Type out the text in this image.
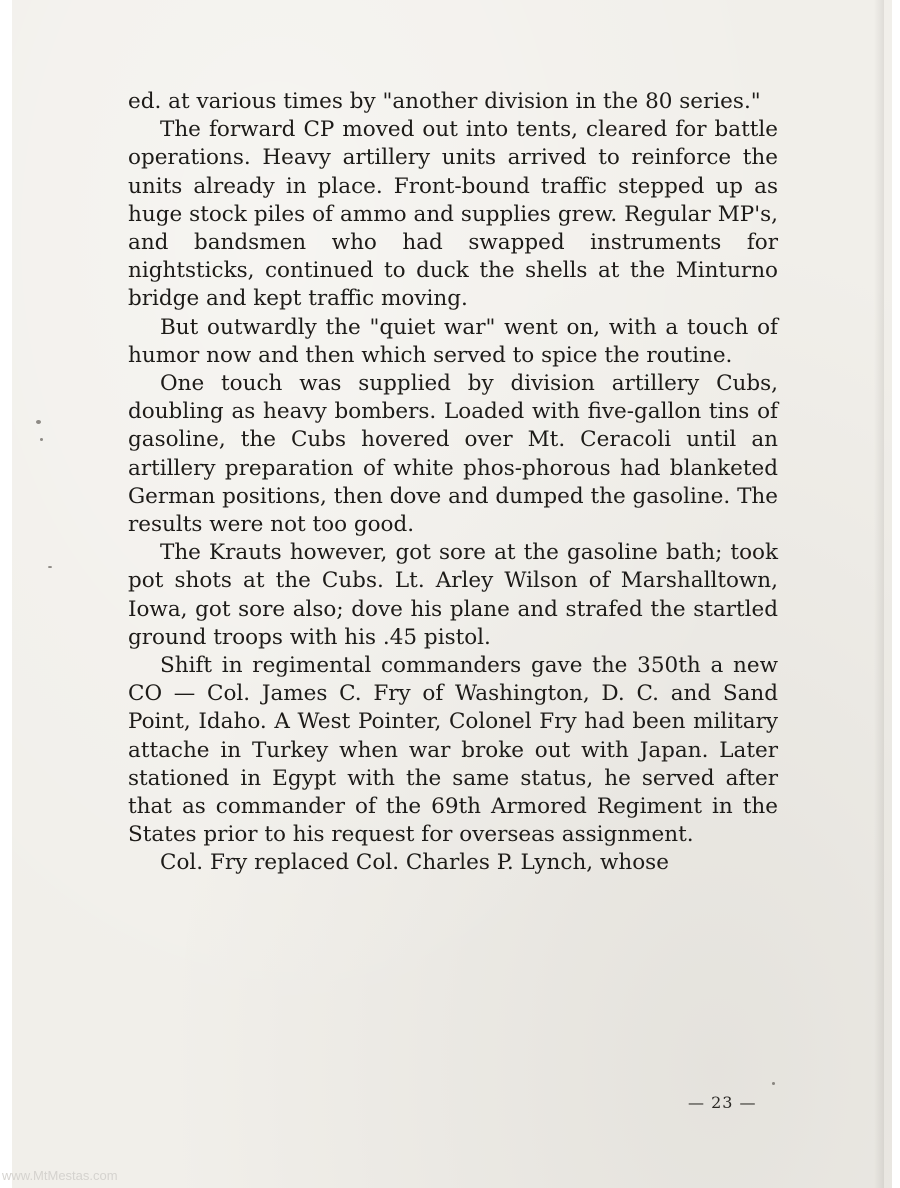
ed. at various times by "another division in the 80 series."

The forward CP moved out into tents, cleared for battle operations. Heavy artillery units arrived to reinforce the units already in place. Front-bound traffic stepped up as huge stock piles of ammo and supplies grew. Regular MP's, and bandsmen who had swapped instruments for nightsticks, continued to duck the shells at the Minturno bridge and kept traffic moving.

But outwardly the "quiet war" went on, with a touch of humor now and then which served to spice the routine.

One touch was supplied by division artillery Cubs, doubling as heavy bombers. Loaded with five-gallon tins of gasoline, the Cubs hovered over Mt. Ceracoli until an artillery preparation of white phos-phorous had blanketed German positions, then dove and dumped the gasoline. The results were not too good.

The Krauts however, got sore at the gasoline bath; took pot shots at the Cubs. Lt. Arley Wilson of Marshalltown, Iowa, got sore also; dove his plane and strafed the startled ground troops with his .45 pistol.

Shift in regimental commanders gave the 350th a new CO — Col. James C. Fry of Washington, D. C. and Sand Point, Idaho. A West Pointer, Colonel Fry had been military attache in Turkey when war broke out with Japan. Later stationed in Egypt with the same status, he served after that as commander of the 69th Armored Regiment in the States prior to his request for overseas assignment.

Col. Fry replaced Col. Charles P. Lynch, whose

— 23 —
www.MtMestas.com
